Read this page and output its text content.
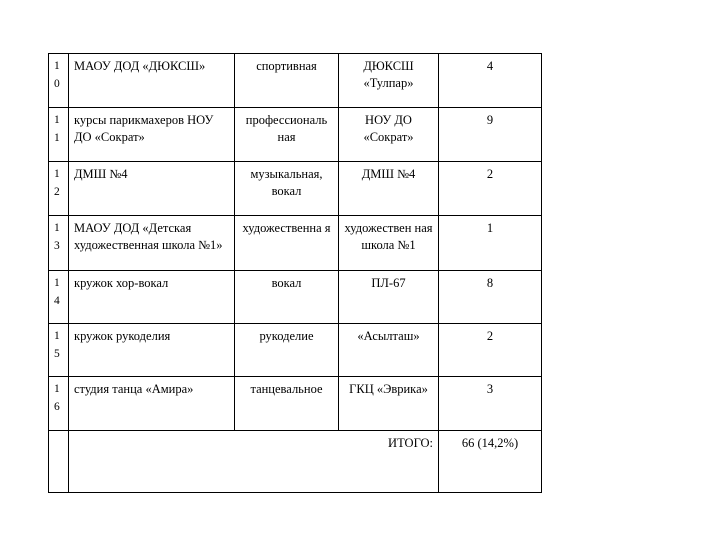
1 0	МАОУ ДОД «ДЮКСШ»	спортивная	ДЮКСШ «Тулпар»	4
1 1	курсы парикмахеров НОУ ДО «Сократ»	профессиональ ная	НОУ ДО «Сократ»	9
1 2	ДМШ №4	музыкальная, вокал	ДМШ №4	2
1 3	МАОУ ДОД «Детская художественная школа №1»	художественна я	художествен ная школа №1	1
1 4	кружок хор-вокал	вокал	ПЛ-67	8
1 5	кружок рукоделия	рукоделие	«Асылташ»	2
1 6	студия танца «Амира»	танцевальное	ГКЦ «Эврика»	3
	ИТОГО:			66 (14,2%)
